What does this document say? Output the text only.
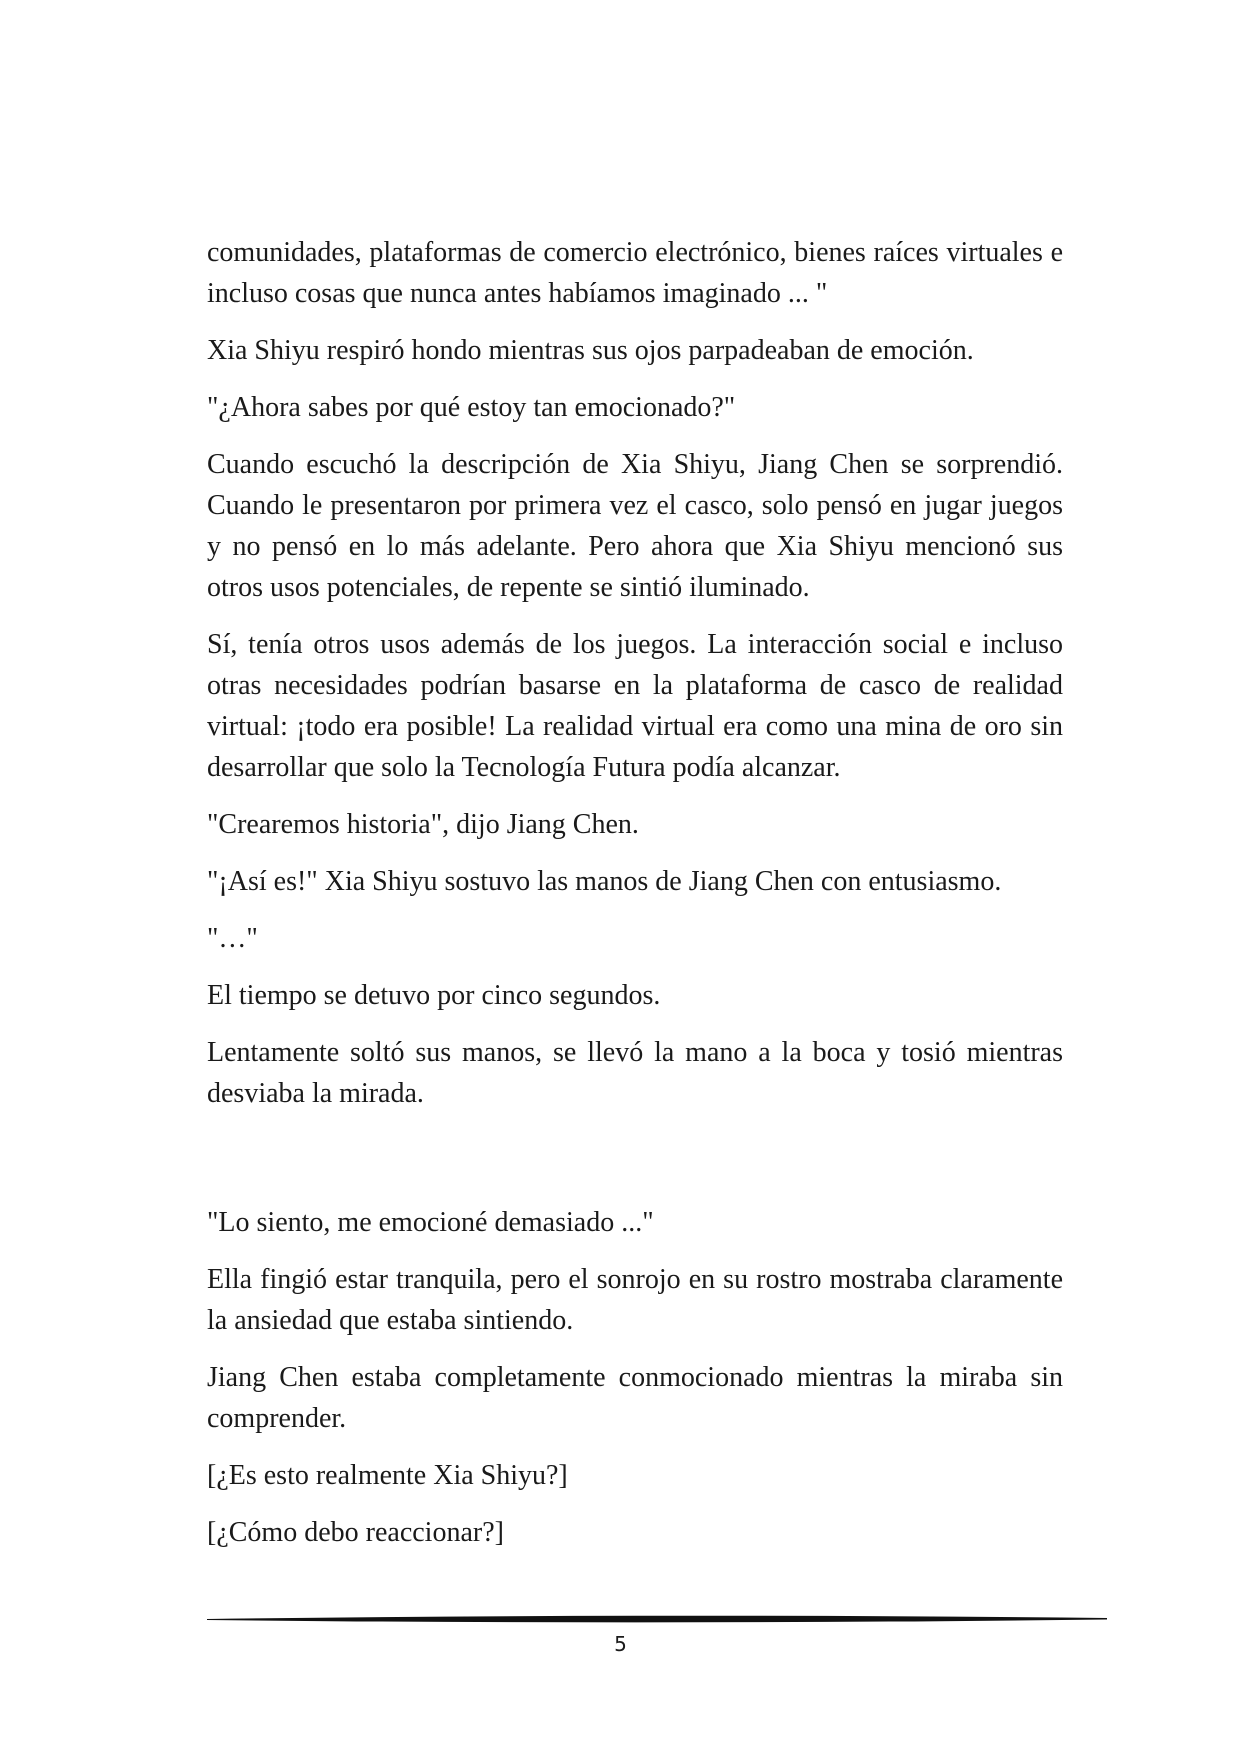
comunidades, plataformas de comercio electrónico, bienes raíces virtuales e incluso cosas que nunca antes habíamos imaginado ... "

Xia Shiyu respiró hondo mientras sus ojos parpadeaban de emoción.

"¿Ahora sabes por qué estoy tan emocionado?"

Cuando escuchó la descripción de Xia Shiyu, Jiang Chen se sorprendió. Cuando le presentaron por primera vez el casco, solo pensó en jugar juegos y no pensó en lo más adelante. Pero ahora que Xia Shiyu mencionó sus otros usos potenciales, de repente se sintió iluminado.

Sí, tenía otros usos además de los juegos. La interacción social e incluso otras necesidades podrían basarse en la plataforma de casco de realidad virtual: ¡todo era posible! La realidad virtual era como una mina de oro sin desarrollar que solo la Tecnología Futura podía alcanzar.

"Crearemos historia", dijo Jiang Chen.

"¡Así es!" Xia Shiyu sostuvo las manos de Jiang Chen con entusiasmo.

"…"

El tiempo se detuvo por cinco segundos.

Lentamente soltó sus manos, se llevó la mano a la boca y tosió mientras desviaba la mirada.

"Lo siento, me emocioné demasiado ..."

Ella fingió estar tranquila, pero el sonrojo en su rostro mostraba claramente la ansiedad que estaba sintiendo.

Jiang Chen estaba completamente conmocionado mientras la miraba sin comprender.

[¿Es esto realmente Xia Shiyu?]

[¿Cómo debo reaccionar?]

5
